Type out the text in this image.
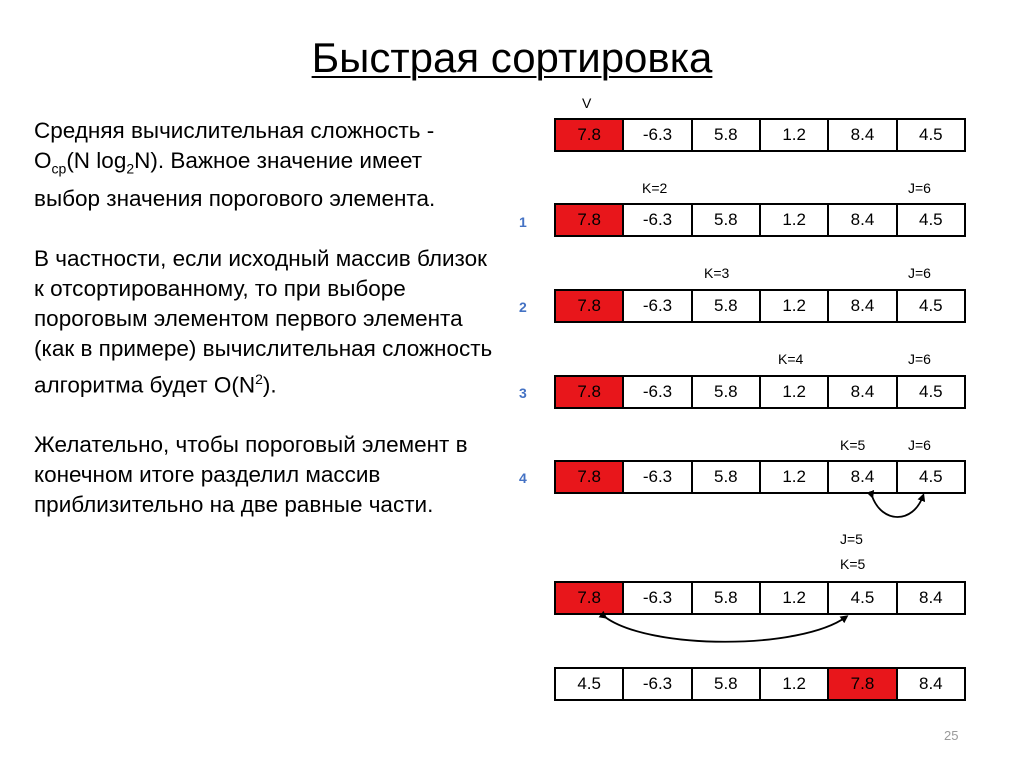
Быстрая сортировка

Средняя вычислительная сложность - $O_{ср}(N$ $\log_2N$). Важное значение имеет выбор значения порогового элемента.

В частности, если исходный массив близок к отсортированному, то при выборе пороговым элементом первого элемента (как в примере) вычислительная сложность алгоритма будет $O(N^2)$.

Желательно, чтобы пороговый элемент в конечном итоге разделил массив приблизительно на две равные части.

V
K=2	J=6
K=3	J=6
K=4	J=6
K=5	J=6
J=5
K=5
1
2
3
4
7.8	-6.3	5.8	1.2	8.4	4.5
7.8	-6.3	5.8	1.2	8.4	4.5
7.8	-6.3	5.8	1.2	8.4	4.5
7.8	-6.3	5.8	1.2	8.4	4.5
7.8	-6.3	5.8	1.2	8.4	4.5
7.8	-6.3	5.8	1.2	4.5	8.4
4.5	-6.3	5.8	1.2	7.8	8.4
25
